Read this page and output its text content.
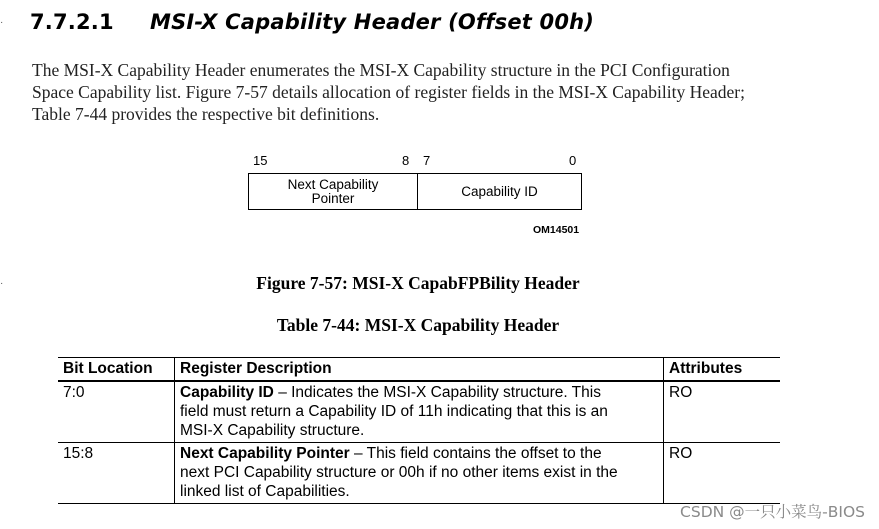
·
·
7.7.2.1 MSI-X Capability Header (Offset 00h)

The MSI-X Capability Header enumerates the MSI-X Capability structure in the PCI Configuration
Space Capability list. Figure 7-57 details allocation of register fields in the MSI-X Capability Header;
Table 7-44 provides the respective bit definitions.

15	8 7	0
Next Capability
Pointer	Capability ID
OM14501

Figure 7-57: MSI-X CapabFPBility Header

Table 7-44: MSI-X Capability Header

Bit Location	Register Description	Attributes
7:0	Capability ID – Indicates the MSI-X Capability structure. This
field must return a Capability ID of 11h indicating that this is an
MSI-X Capability structure.	RO
15:8	Next Capability Pointer – This field contains the offset to the
next PCI Capability structure or 00h if no other items exist in the
linked list of Capabilities.	RO
CSDN @一只小菜鸟-BIOS
